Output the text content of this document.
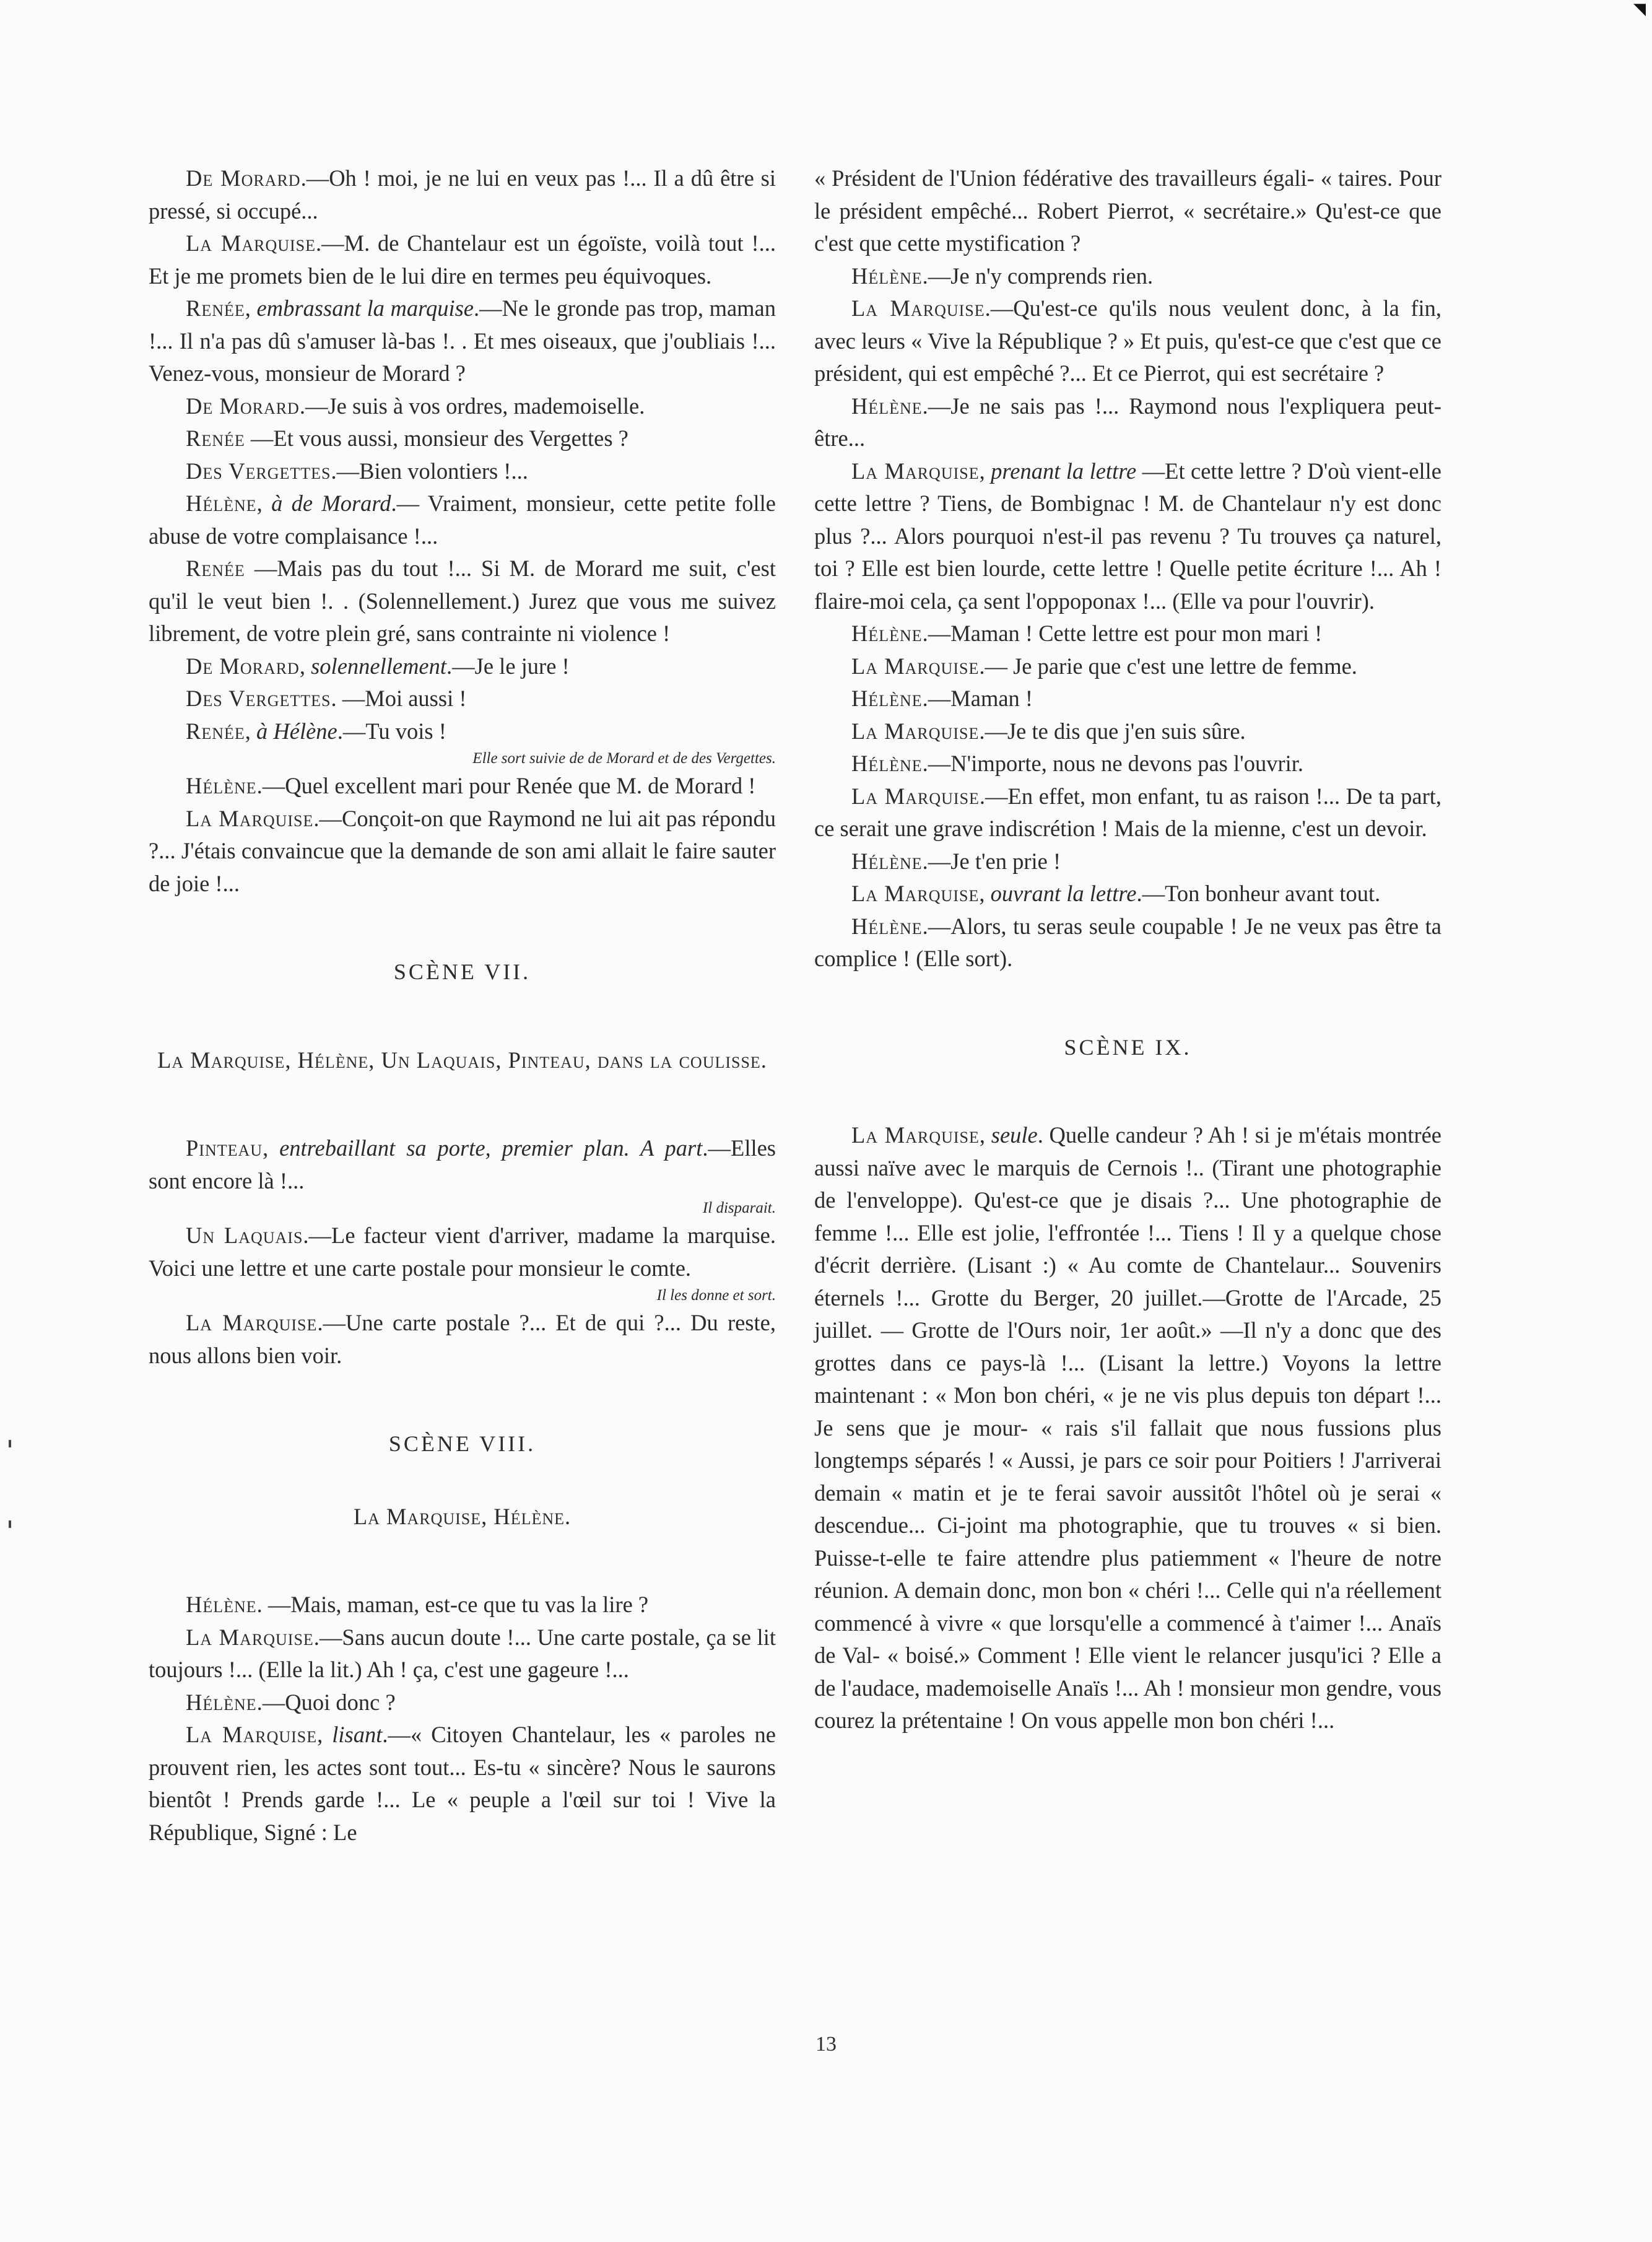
De Morard.—Oh ! moi, je ne lui en veux pas !... Il a dû être si pressé, si occupé...

La Marquise.—M. de Chantelaur est un égoïste, voilà tout !... Et je me promets bien de le lui dire en termes peu équivoques.

Renée, embrassant la marquise.—Ne le gronde pas trop, maman !... Il n'a pas dû s'amuser là-bas !. . Et mes oiseaux, que j'oubliais !... Venez-vous, monsieur de Morard ?

De Morard.—Je suis à vos ordres, mademoiselle.

Renée —Et vous aussi, monsieur des Vergettes ?

Des Vergettes.—Bien volontiers !...

Hélène, à de Morard.— Vraiment, monsieur, cette petite folle abuse de votre complaisance !...

Renée —Mais pas du tout !... Si M. de Morard me suit, c'est qu'il le veut bien !. . (Solennellement.) Jurez que vous me suivez librement, de votre plein gré, sans contrainte ni violence !

De Morard, solennellement.—Je le jure !

Des Vergettes. —Moi aussi !

Renée, à Hélène.—Tu vois !

Elle sort suivie de de Morard et de des Vergettes.

Hélène.—Quel excellent mari pour Renée que M. de Morard !

La Marquise.—Conçoit-on que Raymond ne lui ait pas répondu ?... J'étais convaincue que la demande de son ami allait le faire sauter de joie !...

SCÈNE VII.

La Marquise, Hélène, Un Laquais, Pinteau, dans la coulisse.

Pinteau, entrebaillant sa porte, premier plan. A part.—Elles sont encore là !...

Il disparait.

Un Laquais.—Le facteur vient d'arriver, madame la marquise. Voici une lettre et une carte postale pour monsieur le comte.

Il les donne et sort.

La Marquise.—Une carte postale ?... Et de qui ?... Du reste, nous allons bien voir.

SCÈNE VIII.

La Marquise, Hélène.

Hélène. —Mais, maman, est-ce que tu vas la lire ?

La Marquise.—Sans aucun doute !... Une carte postale, ça se lit toujours !... (Elle la lit.) Ah ! ça, c'est une gageure !...

Hélène.—Quoi donc ?

La Marquise, lisant.—« Citoyen Chantelaur, les « paroles ne prouvent rien, les actes sont tout... Es-tu « sincère? Nous le saurons bientôt ! Prends garde !... Le « peuple a l'œil sur toi ! Vive la République, Signé : Le

« Président de l'Union fédérative des travailleurs égali- « taires. Pour le président empêché... Robert Pierrot, « secrétaire.» Qu'est-ce que c'est que cette mystification ?

Hélène.—Je n'y comprends rien.

La Marquise.—Qu'est-ce qu'ils nous veulent donc, à la fin, avec leurs « Vive la République ? » Et puis, qu'est-ce que c'est que ce président, qui est empêché ?... Et ce Pierrot, qui est secrétaire ?

Hélène.—Je ne sais pas !... Raymond nous l'expliquera peut-être...

La Marquise, prenant la lettre —Et cette lettre ? D'où vient-elle cette lettre ? Tiens, de Bombignac ! M. de Chantelaur n'y est donc plus ?... Alors pourquoi n'est-il pas revenu ? Tu trouves ça naturel, toi ? Elle est bien lourde, cette lettre ! Quelle petite écriture !... Ah ! flaire-moi cela, ça sent l'oppoponax !... (Elle va pour l'ouvrir).

Hélène.—Maman ! Cette lettre est pour mon mari !

La Marquise.— Je parie que c'est une lettre de femme.

Hélène.—Maman !

La Marquise.—Je te dis que j'en suis sûre.

Hélène.—N'importe, nous ne devons pas l'ouvrir.

La Marquise.—En effet, mon enfant, tu as raison !... De ta part, ce serait une grave indiscrétion ! Mais de la mienne, c'est un devoir.

Hélène.—Je t'en prie !

La Marquise, ouvrant la lettre.—Ton bonheur avant tout.

Hélène.—Alors, tu seras seule coupable ! Je ne veux pas être ta complice ! (Elle sort).

SCÈNE IX.

La Marquise, seule. Quelle candeur ? Ah ! si je m'étais montrée aussi naïve avec le marquis de Cernois !.. (Tirant une photographie de l'enveloppe). Qu'est-ce que je disais ?... Une photographie de femme !... Elle est jolie, l'effrontée !... Tiens ! Il y a quelque chose d'écrit derrière. (Lisant :) « Au comte de Chantelaur... Souvenirs éternels !... Grotte du Berger, 20 juillet.—Grotte de l'Arcade, 25 juillet. — Grotte de l'Ours noir, 1er août.» —Il n'y a donc que des grottes dans ce pays-là !... (Lisant la lettre.) Voyons la lettre maintenant : « Mon bon chéri, « je ne vis plus depuis ton départ !... Je sens que je mour- « rais s'il fallait que nous fussions plus longtemps séparés ! « Aussi, je pars ce soir pour Poitiers ! J'arriverai demain « matin et je te ferai savoir aussitôt l'hôtel où je serai « descendue... Ci-joint ma photographie, que tu trouves « si bien. Puisse-t-elle te faire attendre plus patiemment « l'heure de notre réunion. A demain donc, mon bon « chéri !... Celle qui n'a réellement commencé à vivre « que lorsqu'elle a commencé à t'aimer !... Anaïs de Val- « boisé.» Comment ! Elle vient le relancer jusqu'ici ? Elle a de l'audace, mademoiselle Anaïs !... Ah ! monsieur mon gendre, vous courez la prétentaine ! On vous appelle mon bon chéri !...

13
◥
